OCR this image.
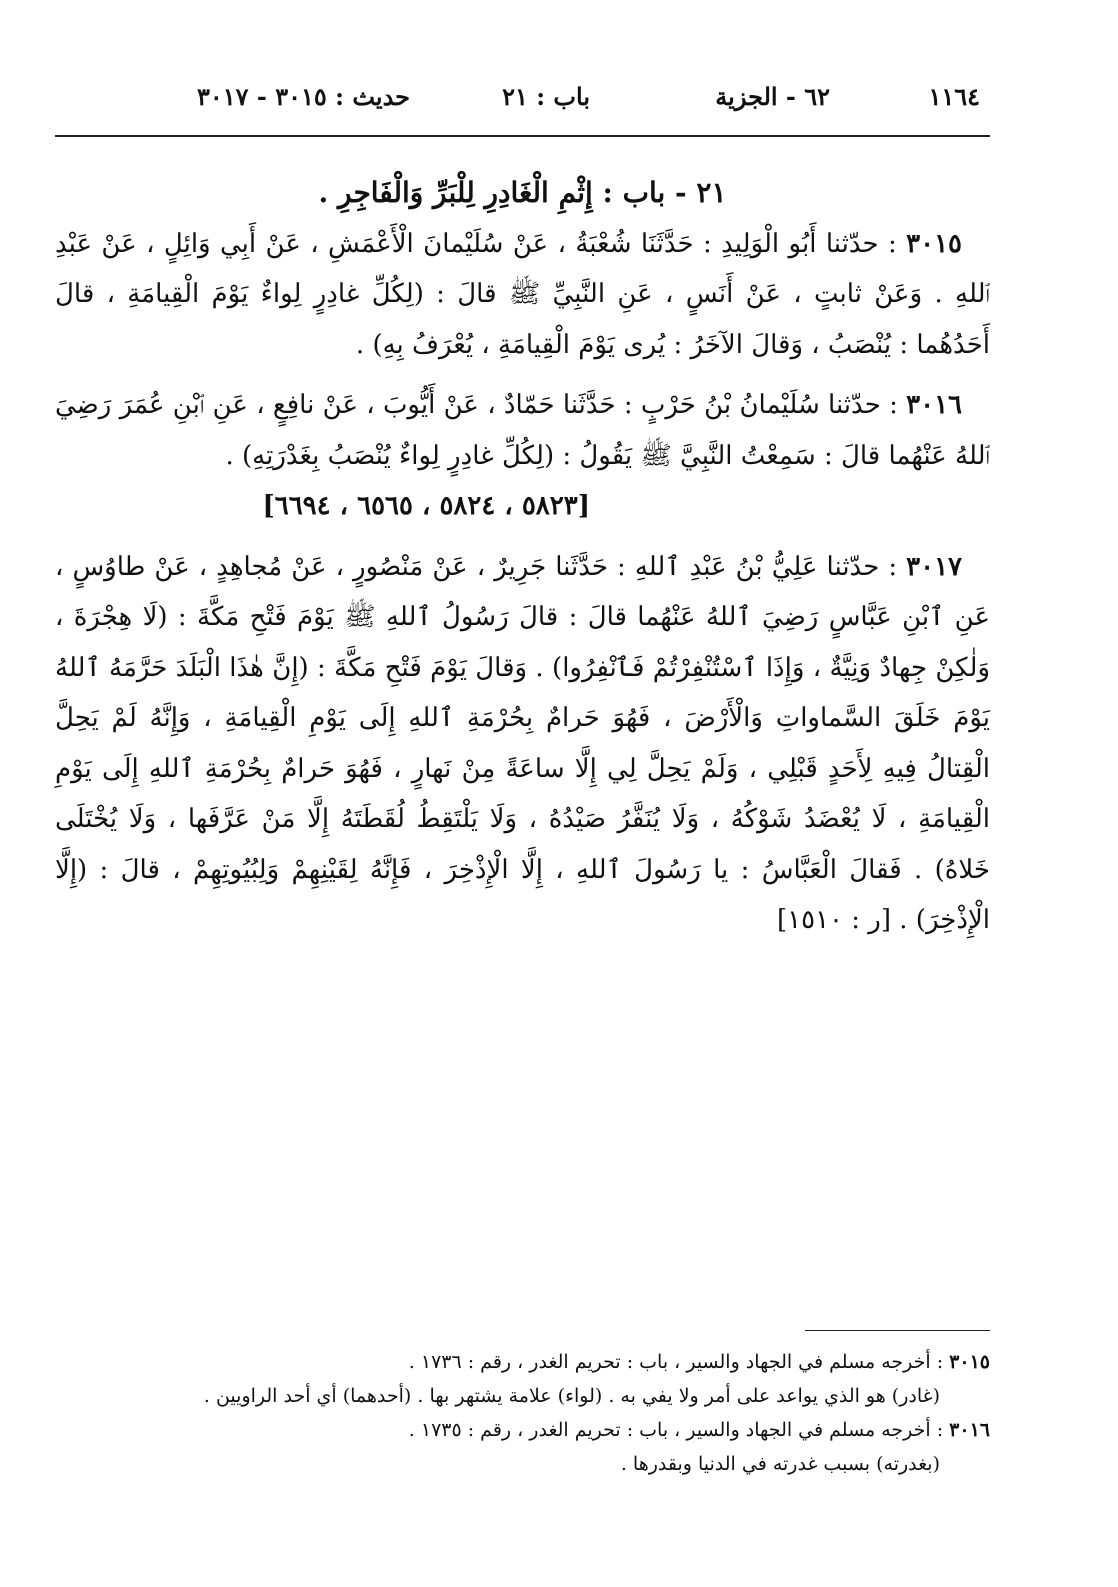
١١٦٤
٦٢ - الجزية
باب : ٢١
حديث : ٣٠١٥ - ٣٠١٧

٢١ - باب : إِثْمِ الْغَادِرِ لِلْبَرِّ وَالْفَاجِرِ .

٣٠١٥ : حدّثنا أَبُو الْوَلِيدِ : حَدَّثَنَا شُعْبَةُ ، عَنْ سُلَيْمانَ الْأَعْمَشِ ، عَنْ أَبِي وَائِلٍ ، عَنْ عَبْدِ ٱللهِ . وَعَنْ ثابتٍ ، عَنْ أَنَسٍ ، عَنِ النَّبِيِّ ﷺ قالَ : (لِكُلِّ غادِرٍ لِواءٌ يَوْمَ الْقِيامَةِ ، قالَ أَحَدُهُما : يُنْصَبُ ، وَقالَ الآخَرُ : يُرى يَوْمَ الْقِيامَةِ ، يُعْرَفُ بِهِ) .

٣٠١٦ : حدّثنا سُلَيْمانُ بْنُ حَرْبٍ : حَدَّثَنا حَمّادٌ ، عَنْ أَيُّوبَ ، عَنْ نافِعٍ ، عَنِ ٱبْنِ عُمَرَ رَضِيَ ٱللهُ عَنْهُما قالَ : سَمِعْتُ النَّبِيَّ ﷺ يَقُولُ : (لِكُلِّ غادِرٍ لِواءٌ يُنْصَبُ بِغَدْرَتِهِ) .

[٥٨٢٣ ، ٥٨٢٤ ، ٦٥٦٥ ، ٦٦٩٤]

٣٠١٧ : حدّثنا عَلِيُّ بْنُ عَبْدِ ٱللهِ : حَدَّثَنا جَرِيرٌ ، عَنْ مَنْصُورٍ ، عَنْ مُجاهِدٍ ، عَنْ طاوُسٍ ، عَنِ ٱبْنِ عَبَّاسٍ رَضِيَ ٱللهُ عَنْهُما قالَ : قالَ رَسُولُ ٱللهِ ﷺ يَوْمَ فَتْحِ مَكَّةَ : (لَا هِجْرَةَ ، وَلٰكِنْ جِهادٌ وَنِيَّةٌ ، وَإِذَا ٱسْتُنْفِرْتُمْ فَٱنْفِرُوا) . وَقالَ يَوْمَ فَتْحِ مَكَّةَ : (إِنَّ هٰذَا الْبَلَدَ حَرَّمَهُ ٱللهُ يَوْمَ خَلَقَ السَّماواتِ وَالْأَرْضَ ، فَهُوَ حَرامٌ بِحُرْمَةِ ٱللهِ إِلَى يَوْمِ الْقِيامَةِ ، وَإِنَّهُ لَمْ يَحِلَّ الْقِتالُ فِيهِ لِأَحَدٍ قَبْلِي ، وَلَمْ يَحِلَّ لِي إِلَّا ساعَةً مِنْ نَهارٍ ، فَهُوَ حَرامٌ بِحُرْمَةِ ٱللهِ إِلَى يَوْمِ الْقِيامَةِ ، لَا يُعْضَدُ شَوْكُهُ ، وَلَا يُنَفَّرُ صَيْدُهُ ، وَلَا يَلْتَقِطُ لُقَطَتَهُ إِلَّا مَنْ عَرَّفَها ، وَلَا يُخْتَلَى خَلاهُ) . فَقالَ الْعَبَّاسُ : يا رَسُولَ ٱللهِ ، إِلَّا الْإِذْخِرَ ، فَإِنَّهُ لِقَيْنِهِمْ وَلِبُيُوتِهِمْ ، قالَ : (إِلَّا الْإِذْخِرَ) . [ر : ١٥١٠]

٣٠١٥ : أخرجه مسلم في الجهاد والسير ، باب : تحريم الغدر ، رقم : ١٧٣٦ .

(غادر) هو الذي يواعد على أمر ولا يفي به . (لواء) علامة يشتهر بها . (أحدهما) أي أحد الراويين .

٣٠١٦ : أخرجه مسلم في الجهاد والسير ، باب : تحريم الغدر ، رقم : ١٧٣٥ .

(بغدرته) بسبب غدرته في الدنيا وبقدرها .
